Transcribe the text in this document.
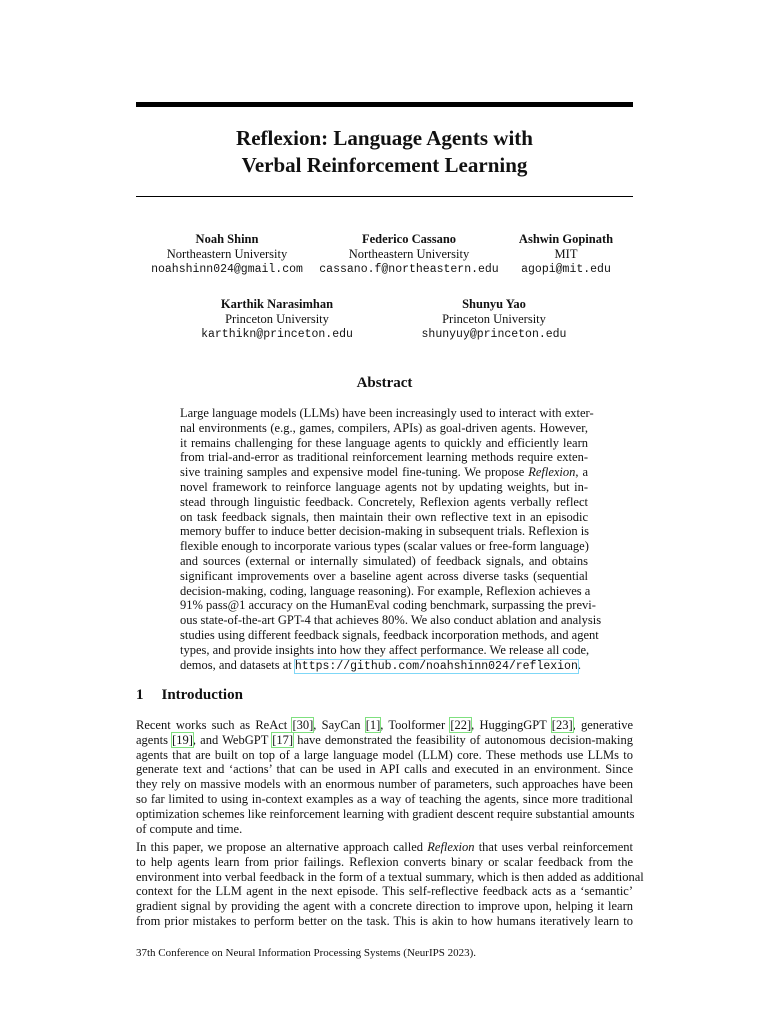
Reflexion: Language Agents with
Verbal Reinforcement Learning
Noah Shinn
Northeastern University
noahshinn024@gmail.com
Federico Cassano
Northeastern University
cassano.f@northeastern.edu
Ashwin Gopinath
MIT
agopi@mit.edu
Karthik Narasimhan
Princeton University
karthikn@princeton.edu
Shunyu Yao
Princeton University
shunyuy@princeton.edu
Abstract
Large language models (LLMs) have been increasingly used to interact with exter-
nal environments (e.g., games, compilers, APIs) as goal-driven agents. However,
it remains challenging for these language agents to quickly and efficiently learn
from trial-and-error as traditional reinforcement learning methods require exten-
sive training samples and expensive model fine-tuning. We propose Reflexion, a
novel framework to reinforce language agents not by updating weights, but in-
stead through linguistic feedback. Concretely, Reflexion agents verbally reflect
on task feedback signals, then maintain their own reflective text in an episodic
memory buffer to induce better decision-making in subsequent trials. Reflexion is
flexible enough to incorporate various types (scalar values or free-form language)
and sources (external or internally simulated) of feedback signals, and obtains
significant improvements over a baseline agent across diverse tasks (sequential
decision-making, coding, language reasoning). For example, Reflexion achieves a
91% pass@1 accuracy on the HumanEval coding benchmark, surpassing the previ-
ous state-of-the-art GPT-4 that achieves 80%. We also conduct ablation and analysis
studies using different feedback signals, feedback incorporation methods, and agent
types, and provide insights into how they affect performance. We release all code,
demos, and datasets at https://github.com/noahshinn024/reflexion.
1 Introduction
Recent works such as ReAct [30], SayCan [1], Toolformer [22], HuggingGPT [23], generative
agents [19], and WebGPT [17] have demonstrated the feasibility of autonomous decision-making
agents that are built on top of a large language model (LLM) core. These methods use LLMs to
generate text and ‘actions’ that can be used in API calls and executed in an environment. Since
they rely on massive models with an enormous number of parameters, such approaches have been
so far limited to using in-context examples as a way of teaching the agents, since more traditional
optimization schemes like reinforcement learning with gradient descent require substantial amounts
of compute and time.
In this paper, we propose an alternative approach called Reflexion that uses verbal reinforcement
to help agents learn from prior failings. Reflexion converts binary or scalar feedback from the
environment into verbal feedback in the form of a textual summary, which is then added as additional
context for the LLM agent in the next episode. This self-reflective feedback acts as a ‘semantic’
gradient signal by providing the agent with a concrete direction to improve upon, helping it learn
from prior mistakes to perform better on the task. This is akin to how humans iteratively learn to
37th Conference on Neural Information Processing Systems (NeurIPS 2023).
